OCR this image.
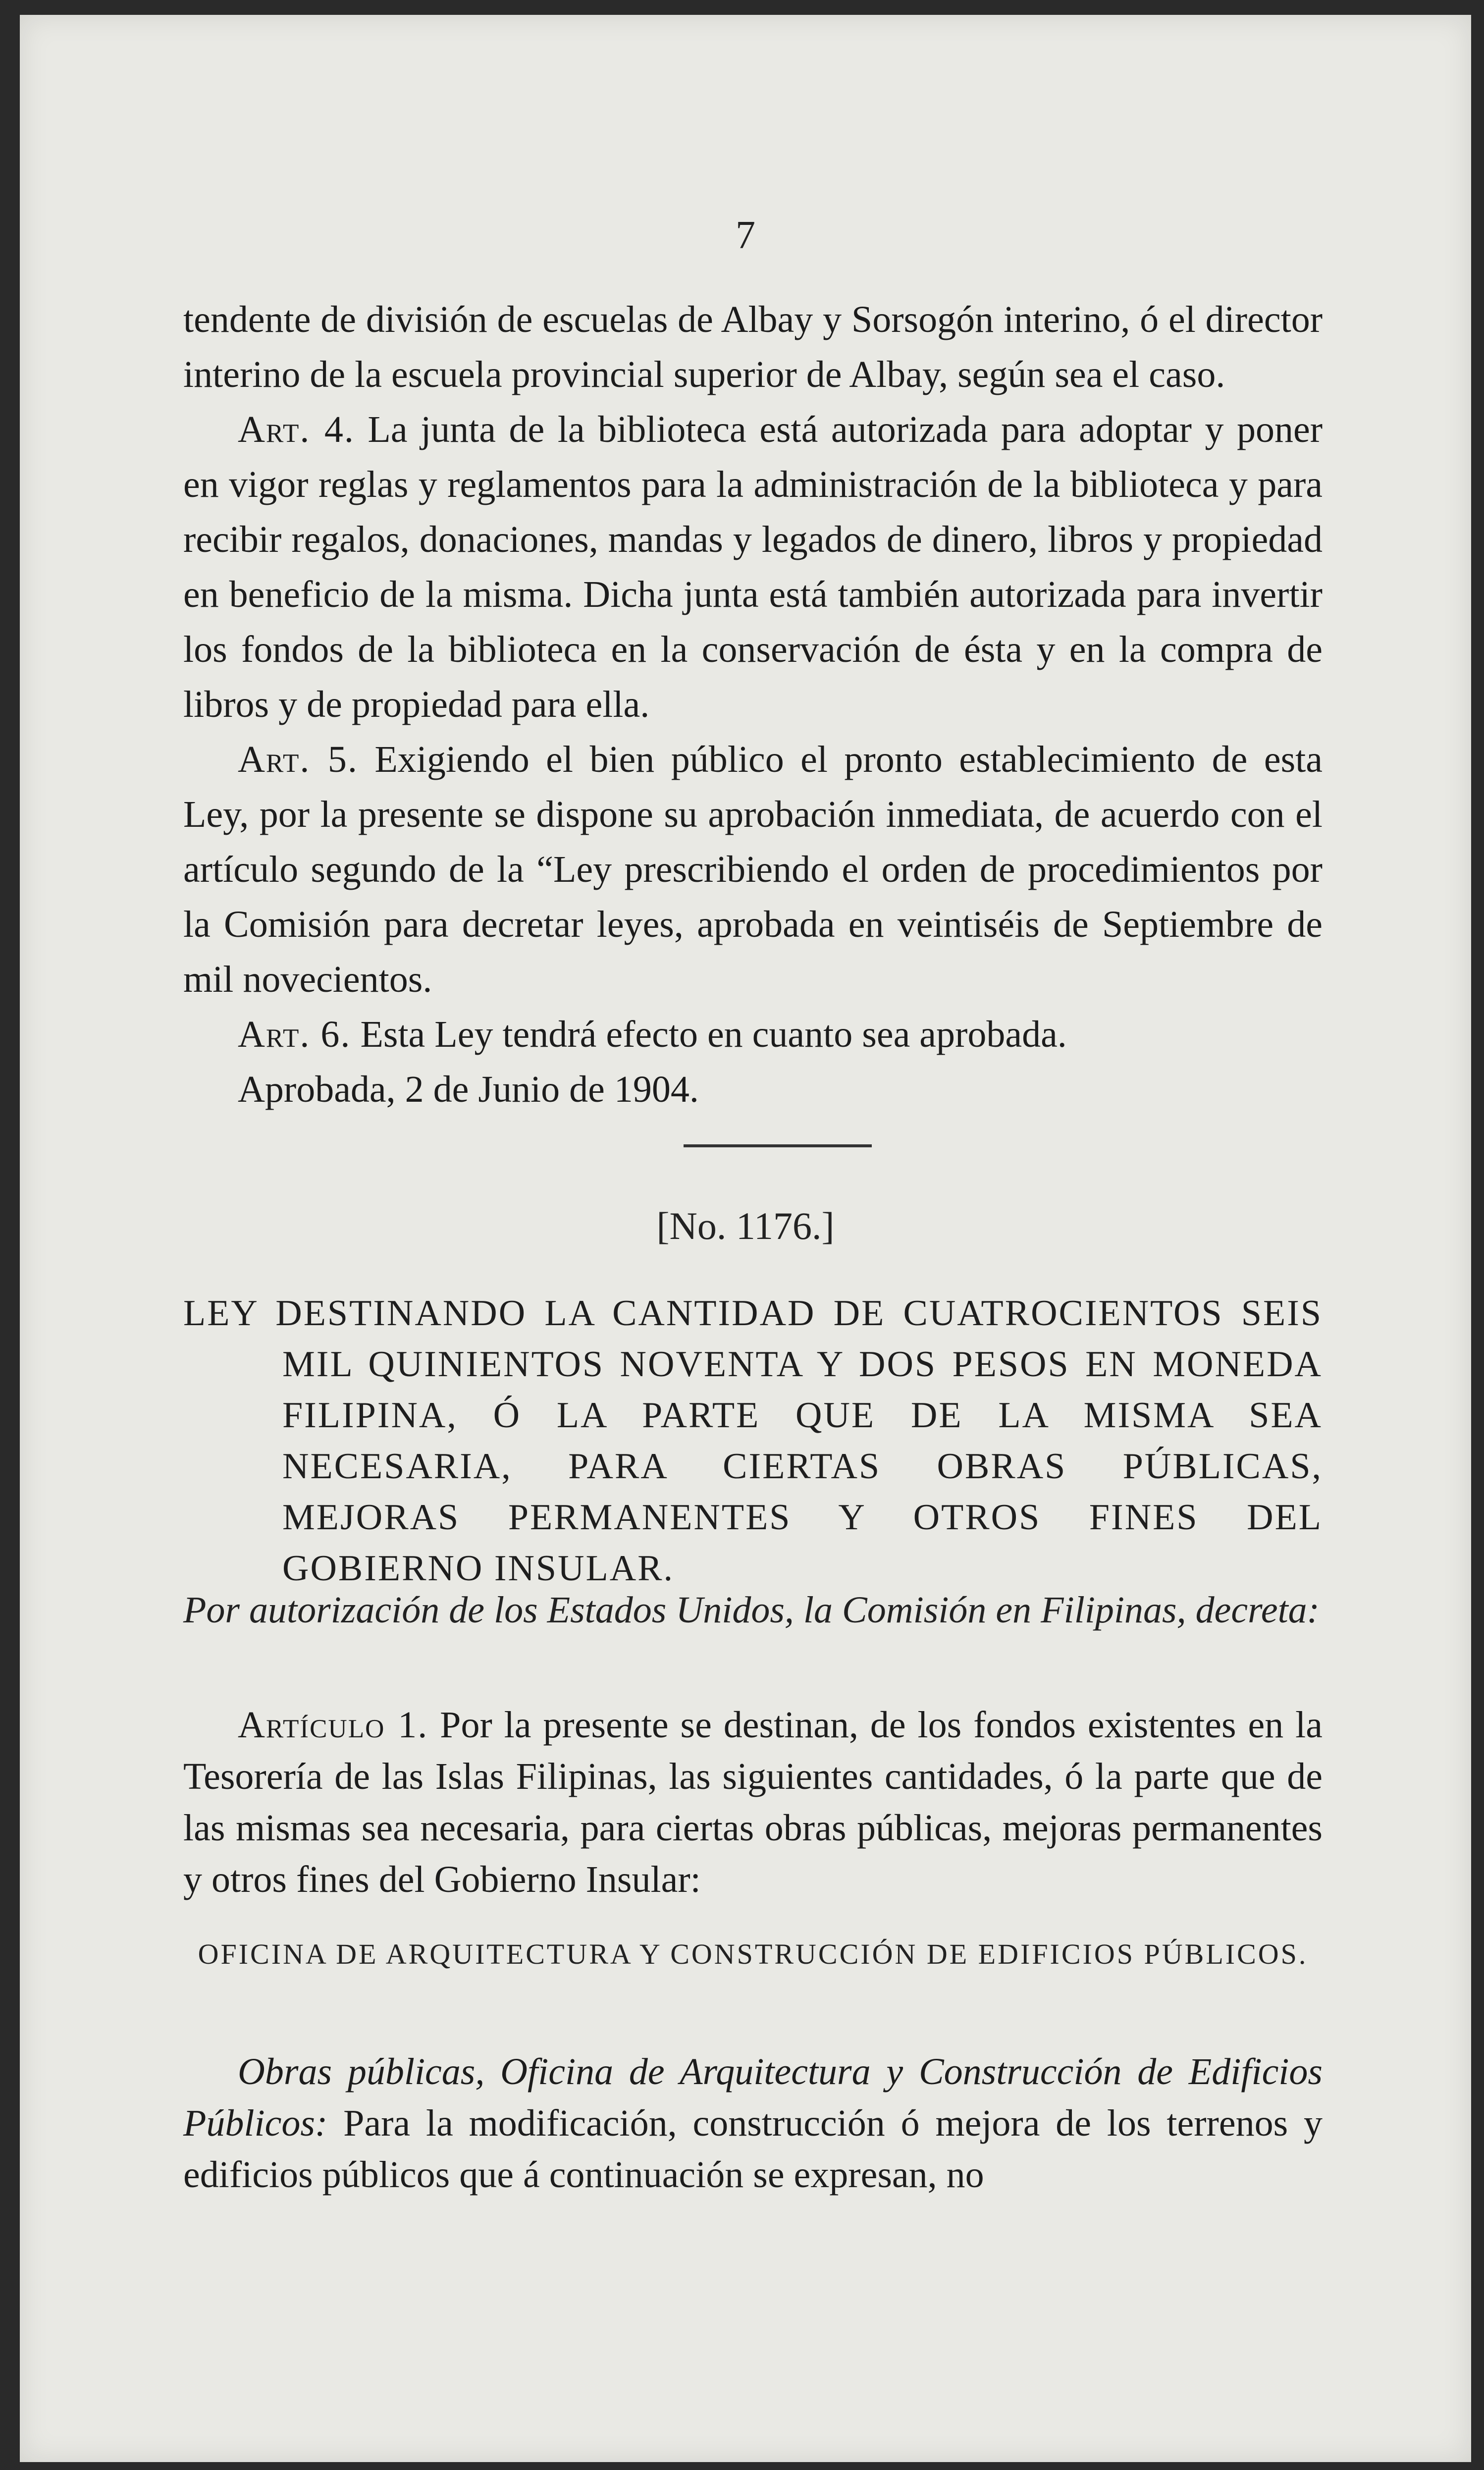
7

tendente de división de escuelas de Albay y Sorsogón interino, ó el director interino de la escuela provincial superior de Albay, según sea el caso.

Art. 4. La junta de la biblioteca está autorizada para adoptar y poner en vigor reglas y reglamentos para la administración de la biblioteca y para recibir regalos, donaciones, mandas y legados de dinero, libros y propiedad en beneficio de la misma. Dicha junta está también autorizada para invertir los fondos de la biblioteca en la conservación de ésta y en la compra de libros y de propiedad para ella.

Art. 5. Exigiendo el bien público el pronto establecimiento de esta Ley, por la presente se dispone su aprobación inmediata, de acuerdo con el artículo segundo de la “Ley prescribiendo el orden de procedimientos por la Comisión para decretar leyes, aprobada en veintiséis de Septiembre de mil novecientos.

Art. 6. Esta Ley tendrá efecto en cuanto sea aprobada.

Aprobada, 2 de Junio de 1904.

[No. 1176.]
LEY DESTINANDO LA CANTIDAD DE CUATROCIENTOS SEIS MIL QUINIENTOS NOVENTA Y DOS PESOS EN MONEDA FILIPINA, Ó LA PARTE QUE DE LA MISMA SEA NECESARIA, PARA CIERTAS OBRAS PÚBLICAS, MEJORAS PERMANENTES Y OTROS FINES DEL GOBIERNO INSULAR.
Por autorización de los Estados Unidos, la Comisión en Filipinas, decreta:
Artículo 1. Por la presente se destinan, de los fondos existentes en la Tesorería de las Islas Filipinas, las siguientes cantidades, ó la parte que de las mismas sea necesaria, para ciertas obras públicas, mejoras permanentes y otros fines del Gobierno Insular:
OFICINA DE ARQUITECTURA Y CONSTRUCCIÓN DE EDIFICIOS PÚBLICOS.
Obras públicas, Oficina de Arquitectura y Construcción de Edificios Públicos: Para la modificación, construcción ó mejora de los terrenos y edificios públicos que á continuación se expresan, no
